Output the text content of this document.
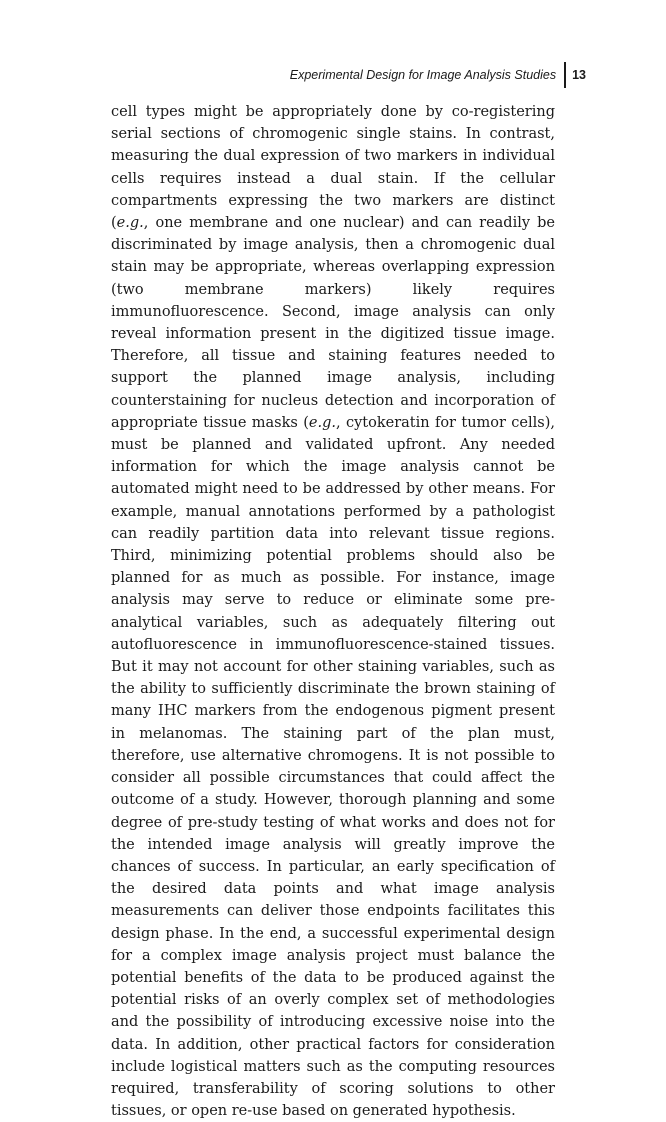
Experimental Design for Image Analysis Studies	13

cell types might be appropriately done by co-registering serial sections of chromogenic single stains. In contrast, measuring the dual expression of two markers in individual cells requires instead a dual stain. If the cellular compartments expressing the two markers are distinct (e.g., one membrane and one nuclear) and can readily be discriminated by image analysis, then a chromogenic dual stain may be appropriate, whereas overlapping expression (two membrane markers) likely requires immunofluorescence. Second, image analysis can only reveal information present in the digitized tissue image. Therefore, all tissue and staining features needed to support the planned image analysis, including counterstaining for nucleus detection and incorporation of appropriate tissue masks (e.g., cytokeratin for tumor cells), must be planned and validated upfront. Any needed information for which the image analysis cannot be automated might need to be addressed by other means. For example, manual annotations performed by a pathologist can readily partition data into relevant tissue regions. Third, minimizing potential problems should also be planned for as much as possible. For instance, image analysis may serve to reduce or eliminate some pre-analytical variables, such as adequately filtering out autofluorescence in immunofluorescence-stained tissues. But it may not account for other staining variables, such as the ability to sufficiently discriminate the brown staining of many IHC markers from the endogenous pigment present in melanomas. The staining part of the plan must, therefore, use alternative chromogens. It is not possible to consider all possible circumstances that could affect the outcome of a study. However, thorough planning and some degree of pre-study testing of what works and does not for the intended image analysis will greatly improve the chances of success. In particular, an early specification of the desired data points and what image analysis measurements can deliver those endpoints facilitates this design phase. In the end, a successful experimental design for a complex image analysis project must balance the potential benefits of the data to be produced against the potential risks of an overly complex set of methodologies and the possibility of introducing excessive noise into the data. In addition, other practical factors for consideration include logistical matters such as the computing resources required, transferability of scoring solutions to other tissues, or open re-use based on generated hypothesis.
